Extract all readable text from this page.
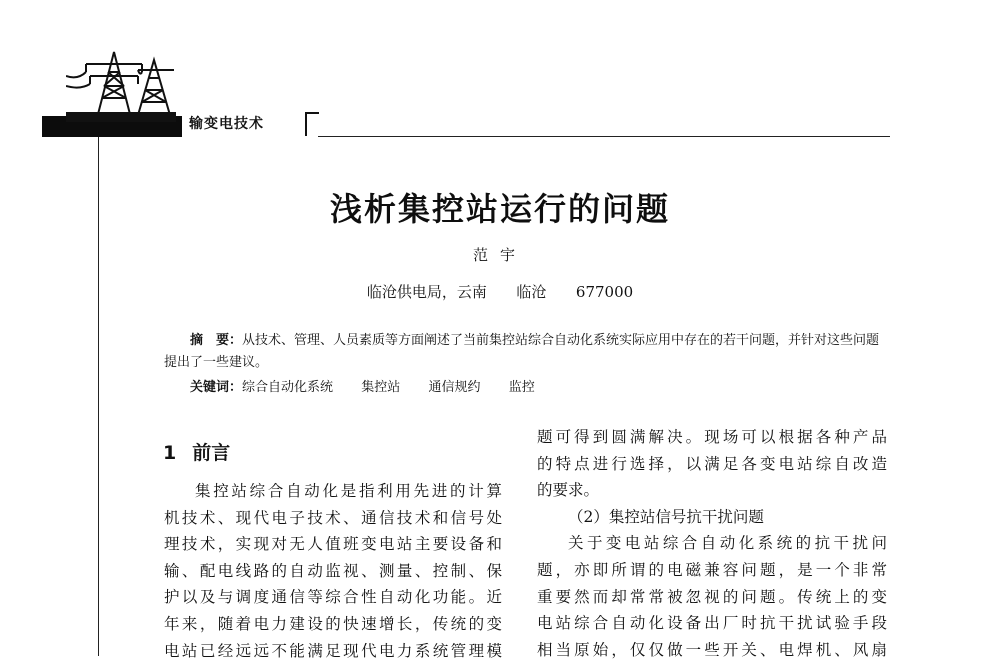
输变电技术
浅析集控站运行的问题
范宇
临沧供电局，云南  临沧  677000
摘　要：从技术、管理、人员素质等方面阐述了当前集控站综合自动化系统实际应用中存在的若干问题，并针对这些问题提出了一些建议。
关键词：综合自动化系统  集控站  通信规约  监控
1 前言

集控站综合自动化是指利用先进的计算

机技术、现代电子技术、通信技术和信号处

理技术，实现对无人值班变电站主要设备和

输、配电线路的自动监视、测量、控制、保

护以及与调度通信等综合性自动化功能。近

年来，随着电力建设的快速增长，传统的变

电站已经远远不能满足现代电力系统管理模

题可得到圆满解决。现场可以根据各种产品

的特点进行选择，以满足各变电站综自改造

的要求。

（2）集控站信号抗干扰问题

关于变电站综合自动化系统的抗干扰问

题，亦即所谓的电磁兼容问题，是一个非常

重要然而却常常被忽视的问题。传统上的变

电站综合自动化设备出厂时抗干扰试验手段

相当原始，仅仅做一些开关、电焊机、风扇
